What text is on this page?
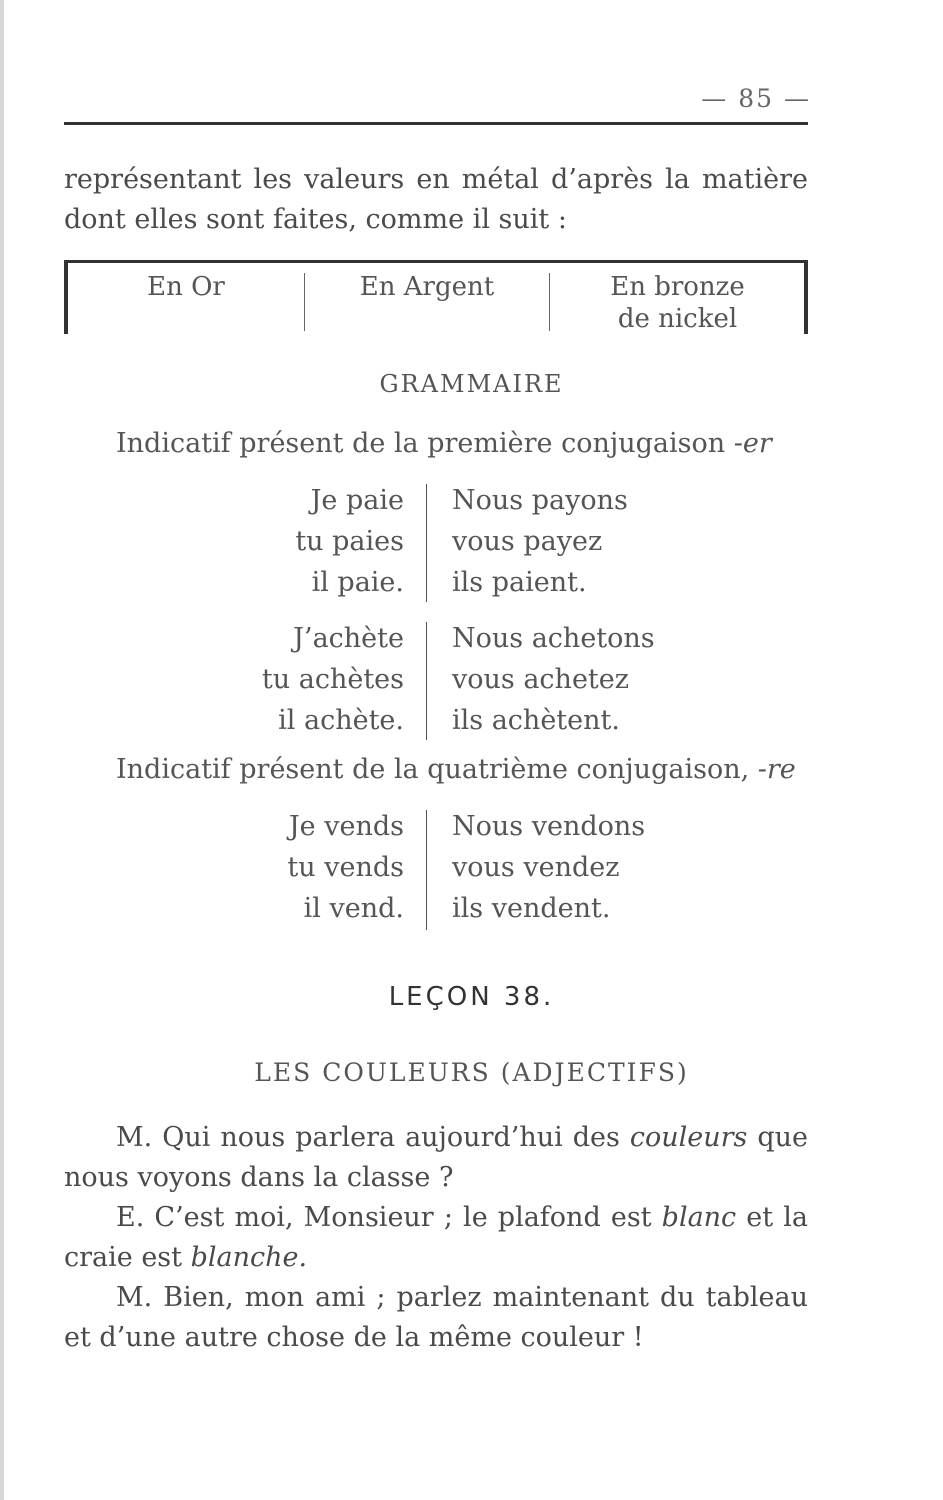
— 85 —
représentant les valeurs en métal d’après la matière
dont elles sont faites, comme il suit :
En Or	En Argent	En bronze
de nickel
GRAMMAIRE
Indicatif présent de la première conjugaison -er
Je paie
tu paies
il paie.
Nous payons
vous payez
ils paient.
J’achète
tu achètes
il achète.
Nous achetons
vous achetez
ils achètent.
Indicatif présent de la quatrième conjugaison, -re
Je vends
tu vends
il vend.
Nous vendons
vous vendez
ils vendent.
LEÇON 38.
LES COULEURS (ADJECTIFS)
M. Qui nous parlera aujourd’hui des couleurs que
nous voyons dans la classe ?
E. C’est moi, Monsieur ; le plafond est blanc et la
craie est blanche.
M. Bien, mon ami ; parlez maintenant du tableau
et d’une autre chose de la même couleur !
